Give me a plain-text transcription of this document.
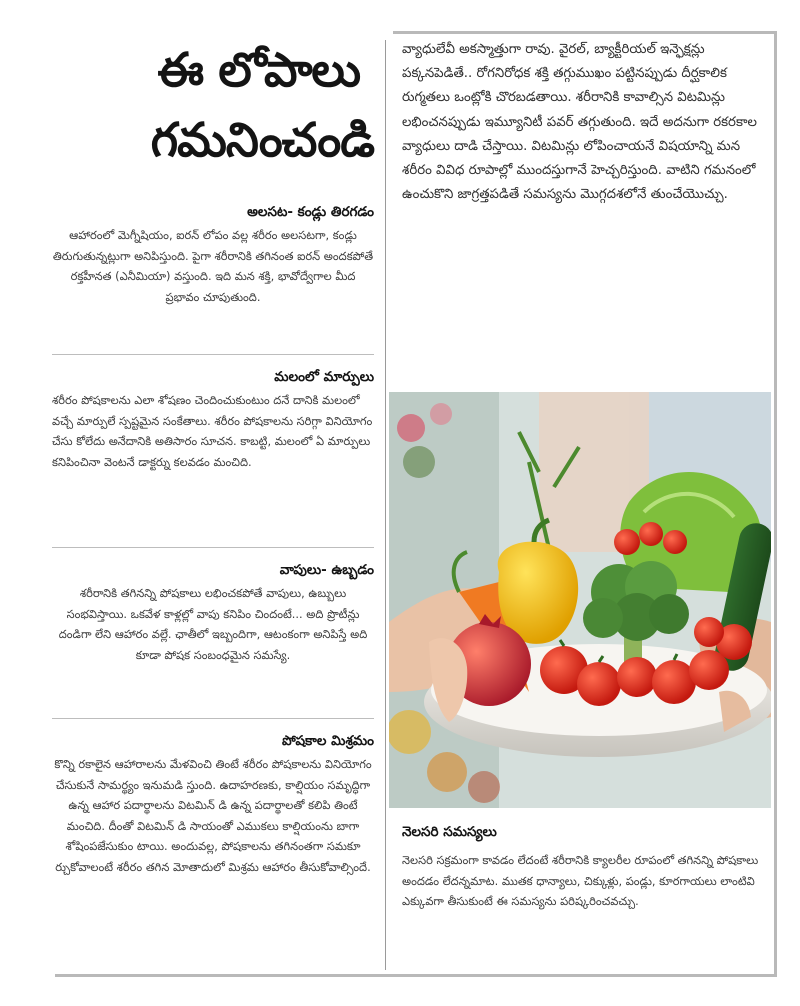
ఈ లోపాలు
గమనించండి
అలసట- కండ్లు తిరగడం
ఆహారంలో మెగ్నీషియం, ఐరన్ లోపం వల్ల శరీరం అలసటగా, కండ్లు తిరుగుతున్నట్లుగా అనిపిస్తుంది. పైగా శరీరానికి తగినంత ఐరన్ అందకపోతే రక్తహీనత (ఎనీమియా) వస్తుంది. ఇది మన శక్తి, భావోద్వేగాల మీద ప్రభావం చూపుతుంది.
మలంలో మార్పులు
శరీరం పోషకాలను ఎలా శోషణం చెందించుకుంటుం దనే దానికి మలంలో వచ్చే మార్పులే స్పష్టమైన సంకేతాలు. శరీరం పోషకాలను సరిగ్గా వినియోగం చేసు కోలేదు అనేదానికి అతిసారం సూచన. కాబట్టి, మలంలో ఏ మార్పులు కనిపించినా వెంటనే డాక్టర్ను కలవడం మంచిది.
వాపులు- ఉబ్బడం
శరీరానికి తగినన్ని పోషకాలు లభించకపోతే వాపులు, ఉబ్బులు సంభవిస్తాయి. ఒకవేళ కాళ్లల్లో వాపు కనిపిం చిందంటే... అది ప్రొటీన్లు దండిగా లేని ఆహారం వల్లే. ఛాతీలో ఇబ్బందిగా, ఆటంకంగా అనిపిస్తే అది కూడా పోషక సంబంధమైన సమస్యే.
పోషకాల మిశ్రమం
కొన్ని రకాలైన ఆహారాలను మేళవించి తింటే శరీరం పోషకాలను వినియోగం చేసుకునే సామర్థ్యం ఇనుమడి స్తుంది. ఉదాహరణకు, కాల్షియం సమృద్ధిగా ఉన్న ఆహార పదార్థాలను విటమిన్ డి ఉన్న పదార్థాలతో కలిపి తింటే మంచిది. దీంతో విటమిన్ డి సాయంతో ఎముకలు కాల్షియంను బాగా శోషింపజేసుకుం టాయి. అందువల్ల, పోషకాలను తగినంతగా సమకూ ర్చుకోవాలంటే శరీరం తగిన మోతాదులో మిశ్రమ ఆహారం తీసుకోవాల్సిందే.
వ్యాధులేవీ అకస్మాత్తుగా రావు. వైరల్, బ్యాక్టీరియల్ ఇన్ఫెక్షన్లు పక్కనపెడితే.. రోగనిరోధక శక్తి తగ్గుముఖం పట్టినప్పుడు దీర్ఘకాలిక రుగ్మతలు ఒంట్లోకి చొరబడతాయి. శరీరానికి కావాల్సిన విటమిన్లు లభించనప్పుడు ఇమ్యూనిటీ పవర్ తగ్గుతుంది. ఇదే అదనుగా రకరకాల వ్యాధులు దాడి చేస్తాయి. విటమిన్లు లోపించాయనే విషయాన్ని మన శరీరం వివిధ రూపాల్లో ముందస్తుగానే హెచ్చరిస్తుంది. వాటిని గమనంలో ఉంచుకొని జాగ్రత్తపడితే సమస్యను మొగ్గదశలోనే తుంచేయొచ్చు.
నెలసరి సమస్యలు
నెలసరి సక్రమంగా కావడం లేదంటే శరీరానికి క్యాలరీల రూపంలో తగినన్ని పోషకాలు అందడం లేదన్నమాట. ముతక ధాన్యాలు, చిక్కుళ్లు, పండ్లు, కూరగాయలు లాంటివి ఎక్కువగా తీసుకుంటే ఈ సమస్యను పరిష్కరించవచ్చు.
